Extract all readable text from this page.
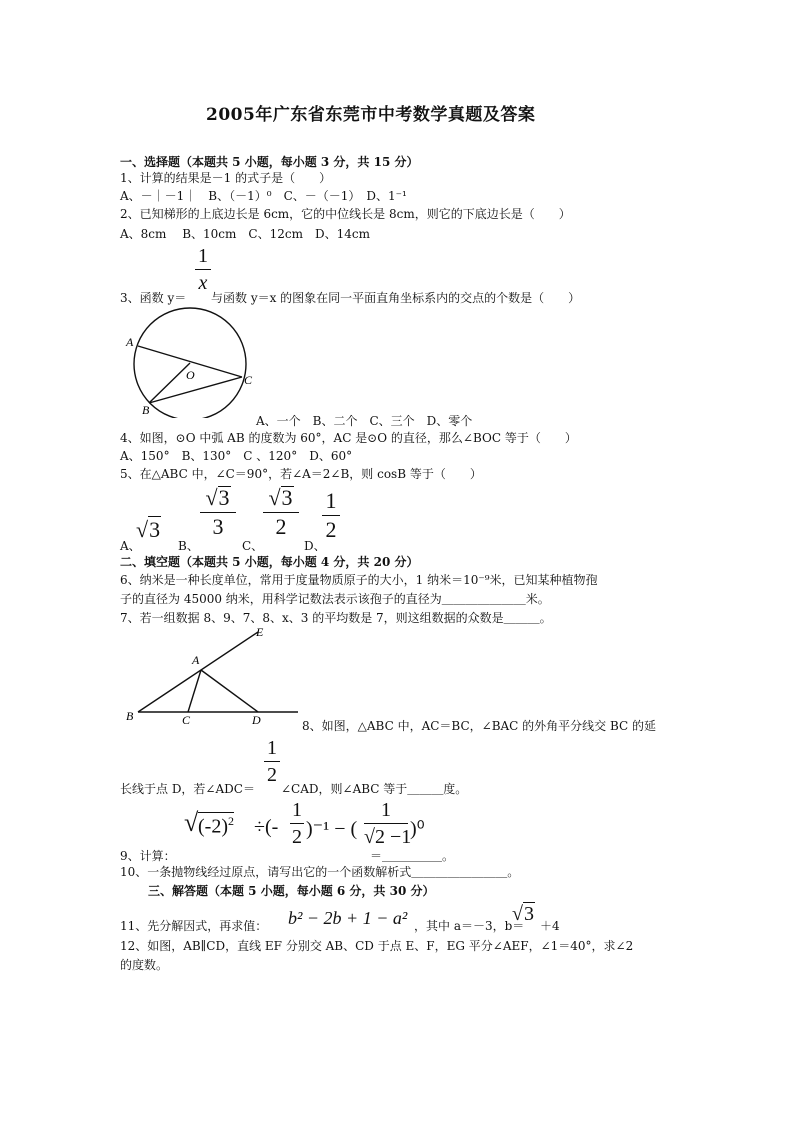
2005年广东省东莞市中考数学真题及答案
一、选择题（本题共 5 小题，每小题 3 分，共 15 分）
1、计算的结果是－1 的式子是（　　）
A、－｜－1｜　B、（－1）⁰　C、－（－1）　D、1⁻¹
2、已知梯形的上底边长是 6cm，它的中位线长是 8cm，则它的下底边长是（　　）
A、8cm　 B、10cm　C、12cm　D、14cm
1
x
3、函数 y＝ 与函数 y＝x 的图象在同一平面直角坐标系内的交点的个数是（　　）
A
B
C
O
A、一个　B、二个　C、三个　D、零个
4、如图，⊙O 中弧 AB 的度数为 60°，AC 是⊙O 的直径，那么∠BOC 等于（　　）
A、150°　B、130°　C 、120°　D、60°
5、在△ABC 中，∠C＝90°，若∠A＝2∠B，则 cosB 等于（　　）
A、
√3
B、
√3
3
C、
√3
2
D、
1
2
二、填空题（本题共 5 小题，每小题 4 分，共 20 分）
6、纳米是一种长度单位，常用于度量物质原子的大小，1 纳米＝10⁻⁹米，已知某种植物孢
子的直径为 45000 纳米，用科学记数法表示该孢子的直径为＿＿＿＿＿＿＿米。
7、若一组数据 8、9、7、8、x、3 的平均数是 7，则这组数据的众数是＿＿＿。
E
A
B	C	D	8、如图，△ABC 中，AC＝BC，∠BAC 的外角平分线交 BC 的延
1
2
长线于点 D，若∠ADC＝ ∠CAD，则∠ABC 等于＿＿＿度。
√ $(-2)^2$ ÷(-
1
2 )⁻¹ − (
1
√2 −1
)⁰
9、计算：	＝＿＿＿＿＿。
10、一条抛物线经过原点，请写出它的一个函数解析式＿＿＿＿＿＿＿＿。
三、解答题（本题 5 小题，每小题 6 分，共 30 分）
11、先分解因式，再求值： b² − 2b + 1 − a² ，其中 a＝－3，b＝
√3
＋4
12、如图，AB∥CD，直线 EF 分别交 AB、CD 于点 E、F，EG 平分∠AEF，∠1＝40°，求∠2
的度数。
